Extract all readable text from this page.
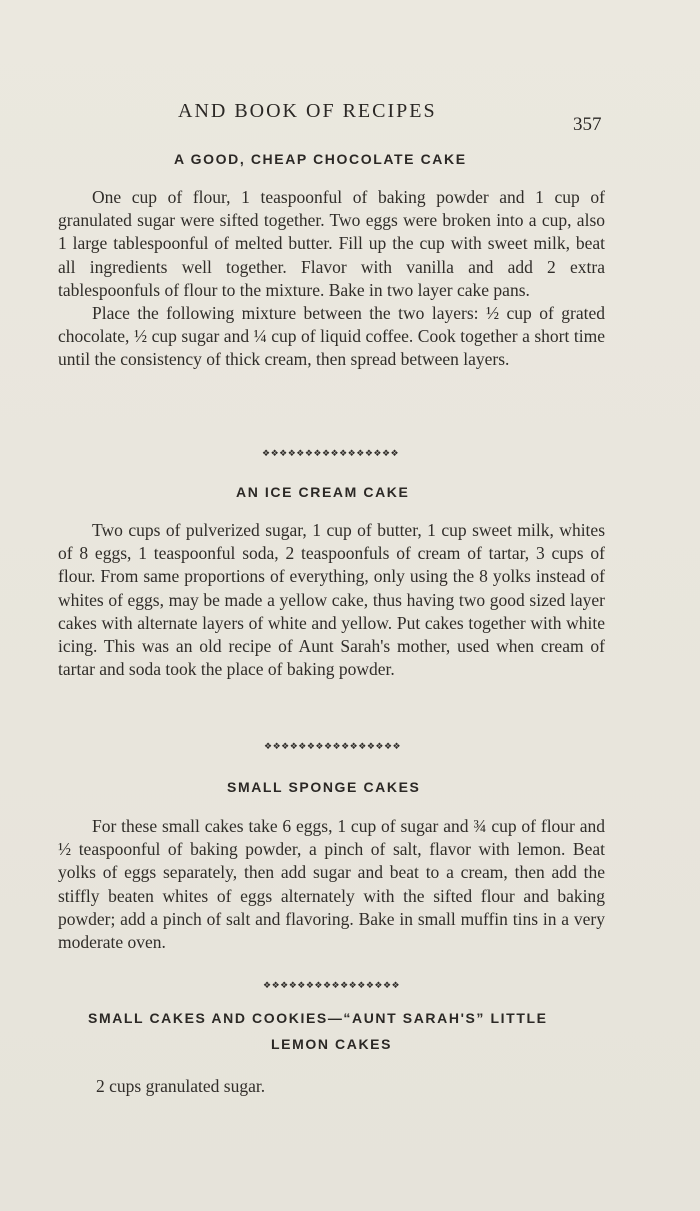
AND BOOK OF RECIPES
357
A GOOD, CHEAP CHOCOLATE CAKE

One cup of flour, 1 teaspoonful of baking powder and 1 cup of granulated sugar were sifted together. Two eggs were broken into a cup, also 1 large tablespoonful of melted butter. Fill up the cup with sweet milk, beat all ingredients well together. Flavor with vanilla and add 2 extra tablespoonfuls of flour to the mixture. Bake in two layer cake pans.

Place the following mixture between the two layers: ½ cup of grated chocolate, ½ cup sugar and ¼ cup of liquid coffee. Cook together a short time until the consistency of thick cream, then spread between layers.

❖❖❖❖❖❖❖❖❖❖❖❖❖❖❖❖
AN ICE CREAM CAKE

Two cups of pulverized sugar, 1 cup of butter, 1 cup sweet milk, whites of 8 eggs, 1 teaspoonful soda, 2 teaspoonfuls of cream of tartar, 3 cups of flour. From same proportions of everything, only using the 8 yolks instead of whites of eggs, may be made a yellow cake, thus having two good sized layer cakes with alternate layers of white and yellow. Put cakes together with white icing. This was an old recipe of Aunt Sarah's mother, used when cream of tartar and soda took the place of baking powder.

❖❖❖❖❖❖❖❖❖❖❖❖❖❖❖❖
SMALL SPONGE CAKES

For these small cakes take 6 eggs, 1 cup of sugar and ¾ cup of flour and ½ teaspoonful of baking powder, a pinch of salt, flavor with lemon. Beat yolks of eggs separately, then add sugar and beat to a cream, then add the stiffly beaten whites of eggs alternately with the sifted flour and baking powder; add a pinch of salt and flavoring. Bake in small muffin tins in a very moderate oven.

❖❖❖❖❖❖❖❖❖❖❖❖❖❖❖❖
SMALL CAKES AND COOKIES—“AUNT SARAH'S” LITTLE
LEMON CAKES
2 cups granulated sugar.
